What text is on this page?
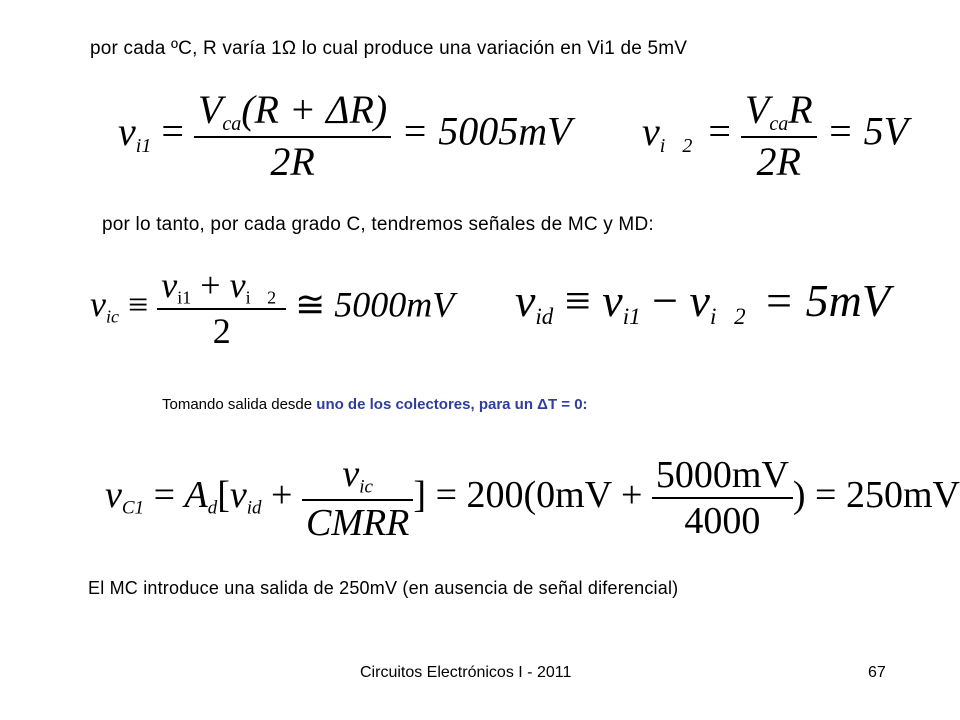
por cada ºC, R varía 1Ω lo cual produce una variación en Vi1 de 5mV
$v_{i1} = \frac{V_{ca}(R + \Delta R)}{2R} = 5005mV$ vi $2 = \frac{V_{ca}R}{2R} = 5V$
por lo tanto, por cada grado C, tendremos señales de MC y MD:
$v_{ic} \equiv \frac{v_{i1} + vi 2}{2}$ ≅ 5000mV $v_{id} \equiv v_{i1}$ − vi 2 = 5mV
Tomando salida desde uno de los colectores, para un ΔT = 0:
$v_{C1} = A_d[v_{id} + \frac{v_{ic}}{\text{CMRR}}$ ] = $200(0mV + \frac{5000mV}{4000}$ ) = 250mV
El MC introduce una salida de 250mV (en ausencia de señal diferencial)
Circuitos Electrónicos I - 2011	67
